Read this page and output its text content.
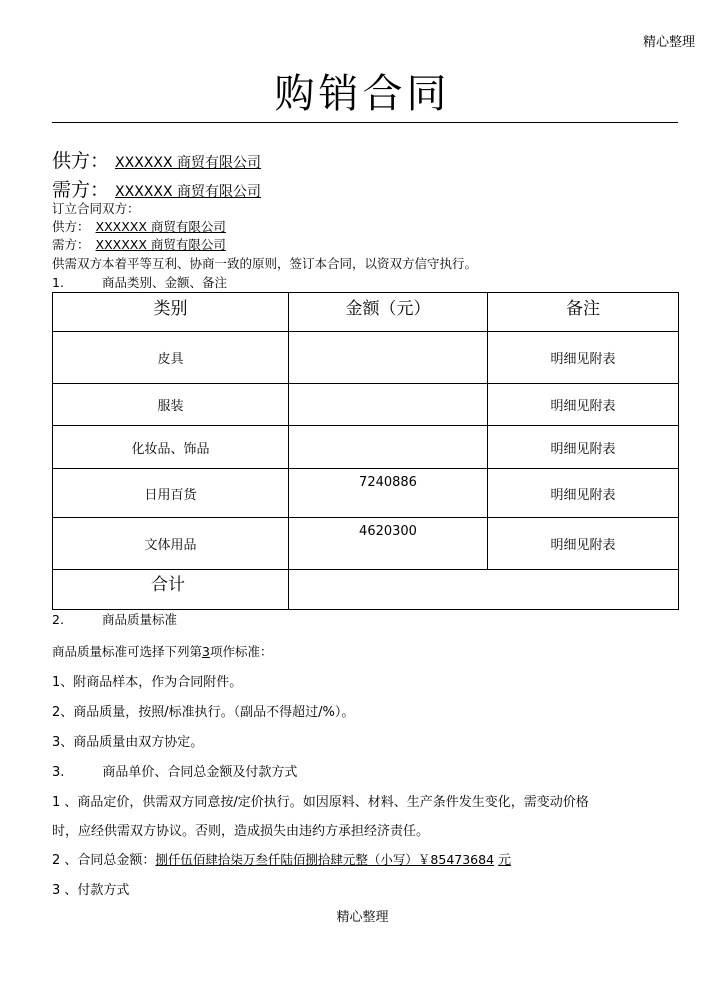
精心整理
购销合同
供方： XXXXXX 商贸有限公司
需方： XXXXXX 商贸有限公司
订立合同双方：
供方： XXXXXX 商贸有限公司
需方： XXXXXX 商贸有限公司
供需双方本着平等互利、协商一致的原则，签订本合同，以资双方信守执行。
1.	商品类别、金额、备注
类别	金额（元）	备注
皮具		明细见附表
服装		明细见附表
化妆品、饰品		明细见附表
日用百货	7240886	明细见附表
文体用品	4620300	明细见附表
合计		
2.	商品质量标准
商品质量标准可选择下列第3项作标准：
1、附商品样本，作为合同附件。
2、商品质量，按照/标准执行。（副品不得超过/%）。
3、商品质量由双方协定。
3.	商品单价、合同总金额及付款方式
1 、商品定价，供需双方同意按/定价执行。如因原料、材料、生产条件发生变化，需变动价格
时，应经供需双方协议。否则，造成损失由违约方承担经济责任。
2 、合同总金额：捌仟伍佰肆拾柒万叁仟陆佰捌拾肆元整（小写）￥85473684 元
3 、付款方式
精心整理
